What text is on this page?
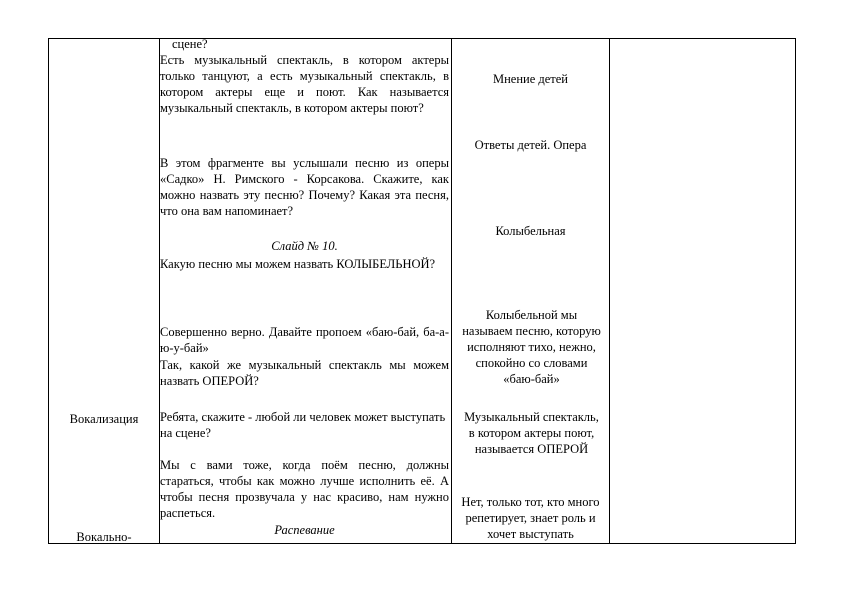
Вокализация
Вокально-
сцене?
Есть музыкальный спектакль, в котором актеры только танцуют, а есть музыкальный спектакль, в котором актеры еще и поют. Как называется музыкальный спектакль, в котором актеры поют?
В этом фрагменте вы услышали песню из оперы «Садко» Н. Римского - Корсакова. Скажите, как можно назвать эту песню? Почему? Какая эта песня, что она вам напоминает?
Слайд № 10.
Какую песню мы можем назвать КОЛЫБЕЛЬНОЙ?
Совершенно верно. Давайте пропоем «баю-бай, ба-а-ю-у-бай»
Так, какой же музыкальный спектакль мы можем назвать ОПЕРОЙ?
Ребята, скажите - любой ли человек может выступать на сцене?
Мы с вами тоже, когда поём песню, должны стараться, чтобы как можно лучше исполнить её. А чтобы песня прозвучала у нас красиво, нам нужно распеться.
Распевание
Мнение детей
Ответы детей. Опера
Колыбельная
Колыбельной мы называем песню, которую исполняют тихо, нежно, спокойно со словами «баю-бай»
Музыкальный спектакль, в котором актеры поют, называется ОПЕРОЙ
Нет, только тот, кто много репетирует, знает роль и хочет выступать
